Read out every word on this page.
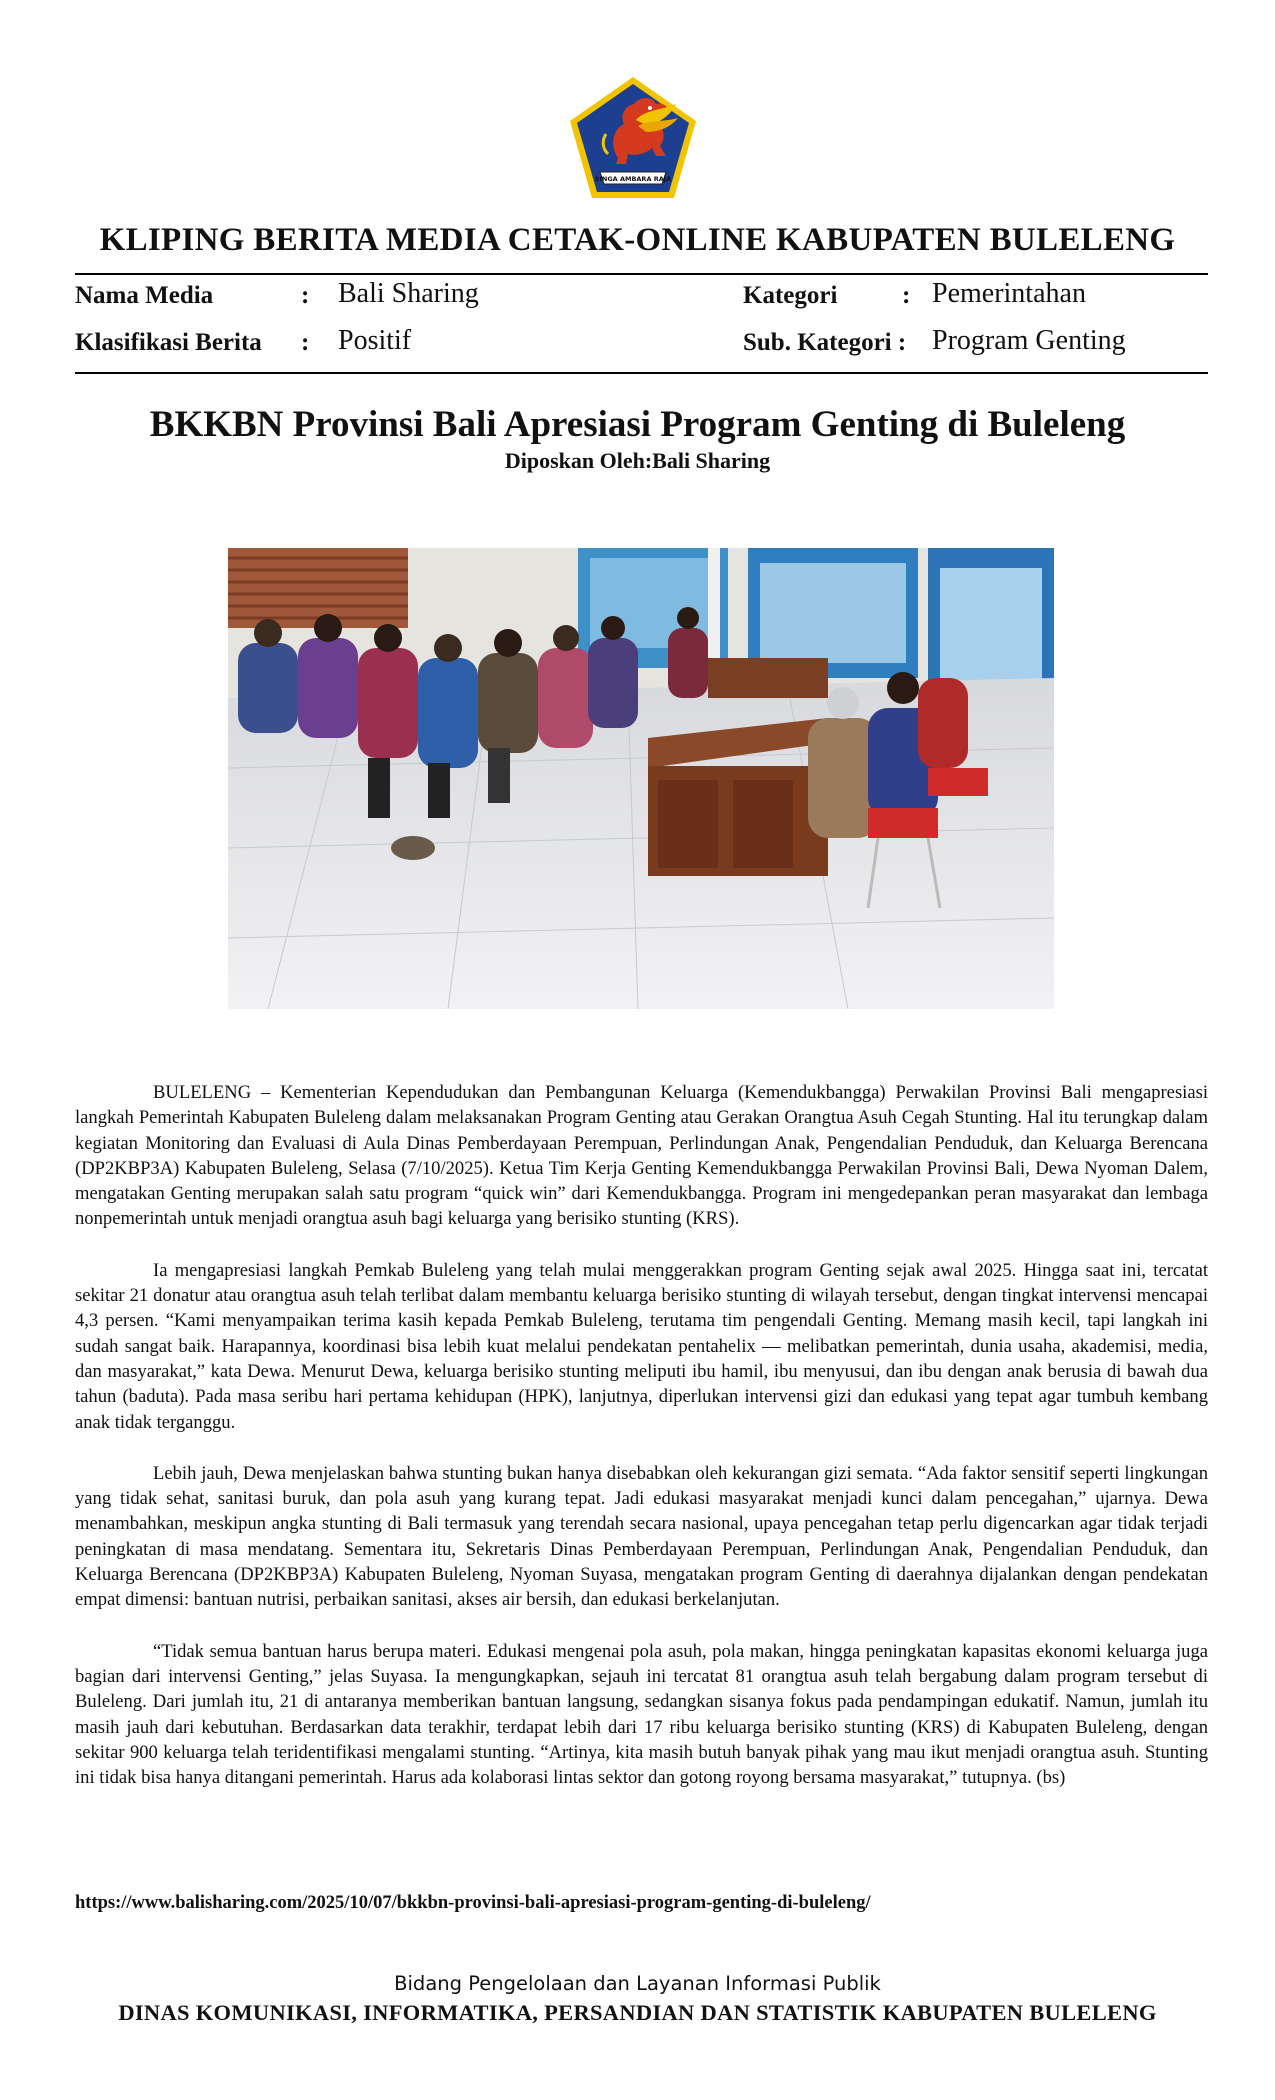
SINGA AMBARA RAJA
KLIPING BERITA MEDIA CETAK-ONLINE KABUPATEN BULELENG
Nama Media	: Bali Sharing	Kategori	: Pemerintahan
Klasifikasi Berita : Positif	Sub. Kategori : Program Genting
BKKBN Provinsi Bali Apresiasi Program Genting di Buleleng
Diposkan Oleh:Bali Sharing

BULELENG – Kementerian Kependudukan dan Pembangunan Keluarga (Kemendukbangga) Perwakilan Provinsi Bali mengapresiasi langkah Pemerintah Kabupaten Buleleng dalam melaksanakan Program Genting atau Gerakan Orangtua Asuh Cegah Stunting. Hal itu terungkap dalam kegiatan Monitoring dan Evaluasi di Aula Dinas Pemberdayaan Perempuan, Perlindungan Anak, Pengendalian Penduduk, dan Keluarga Berencana (DP2KBP3A) Kabupaten Buleleng, Selasa (7/10/2025). Ketua Tim Kerja Genting Kemendukbangga Perwakilan Provinsi Bali, Dewa Nyoman Dalem, mengatakan Genting merupakan salah satu program “quick win” dari Kemendukbangga. Program ini mengedepankan peran masyarakat dan lembaga nonpemerintah untuk menjadi orangtua asuh bagi keluarga yang berisiko stunting (KRS).

Ia mengapresiasi langkah Pemkab Buleleng yang telah mulai menggerakkan program Genting sejak awal 2025. Hingga saat ini, tercatat sekitar 21 donatur atau orangtua asuh telah terlibat dalam membantu keluarga berisiko stunting di wilayah tersebut, dengan tingkat intervensi mencapai 4,3 persen. “Kami menyampaikan terima kasih kepada Pemkab Buleleng, terutama tim pengendali Genting. Memang masih kecil, tapi langkah ini sudah sangat baik. Harapannya, koordinasi bisa lebih kuat melalui pendekatan pentahelix — melibatkan pemerintah, dunia usaha, akademisi, media, dan masyarakat,” kata Dewa. Menurut Dewa, keluarga berisiko stunting meliputi ibu hamil, ibu menyusui, dan ibu dengan anak berusia di bawah dua tahun (baduta). Pada masa seribu hari pertama kehidupan (HPK), lanjutnya, diperlukan intervensi gizi dan edukasi yang tepat agar tumbuh kembang anak tidak terganggu.

Lebih jauh, Dewa menjelaskan bahwa stunting bukan hanya disebabkan oleh kekurangan gizi semata. “Ada faktor sensitif seperti lingkungan yang tidak sehat, sanitasi buruk, dan pola asuh yang kurang tepat. Jadi edukasi masyarakat menjadi kunci dalam pencegahan,” ujarnya. Dewa menambahkan, meskipun angka stunting di Bali termasuk yang terendah secara nasional, upaya pencegahan tetap perlu digencarkan agar tidak terjadi peningkatan di masa mendatang. Sementara itu, Sekretaris Dinas Pemberdayaan Perempuan, Perlindungan Anak, Pengendalian Penduduk, dan Keluarga Berencana (DP2KBP3A) Kabupaten Buleleng, Nyoman Suyasa, mengatakan program Genting di daerahnya dijalankan dengan pendekatan empat dimensi: bantuan nutrisi, perbaikan sanitasi, akses air bersih, dan edukasi berkelanjutan.

“Tidak semua bantuan harus berupa materi. Edukasi mengenai pola asuh, pola makan, hingga peningkatan kapasitas ekonomi keluarga juga bagian dari intervensi Genting,” jelas Suyasa. Ia mengungkapkan, sejauh ini tercatat 81 orangtua asuh telah bergabung dalam program tersebut di Buleleng. Dari jumlah itu, 21 di antaranya memberikan bantuan langsung, sedangkan sisanya fokus pada pendampingan edukatif. Namun, jumlah itu masih jauh dari kebutuhan. Berdasarkan data terakhir, terdapat lebih dari 17 ribu keluarga berisiko stunting (KRS) di Kabupaten Buleleng, dengan sekitar 900 keluarga telah teridentifikasi mengalami stunting. “Artinya, kita masih butuh banyak pihak yang mau ikut menjadi orangtua asuh. Stunting ini tidak bisa hanya ditangani pemerintah. Harus ada kolaborasi lintas sektor dan gotong royong bersama masyarakat,” tutupnya. (bs)

https://www.balisharing.com/2025/10/07/bkkbn-provinsi-bali-apresiasi-program-genting-di-buleleng/
Bidang Pengelolaan dan Layanan Informasi Publik
DINAS KOMUNIKASI, INFORMATIKA, PERSANDIAN DAN STATISTIK KABUPATEN BULELENG
